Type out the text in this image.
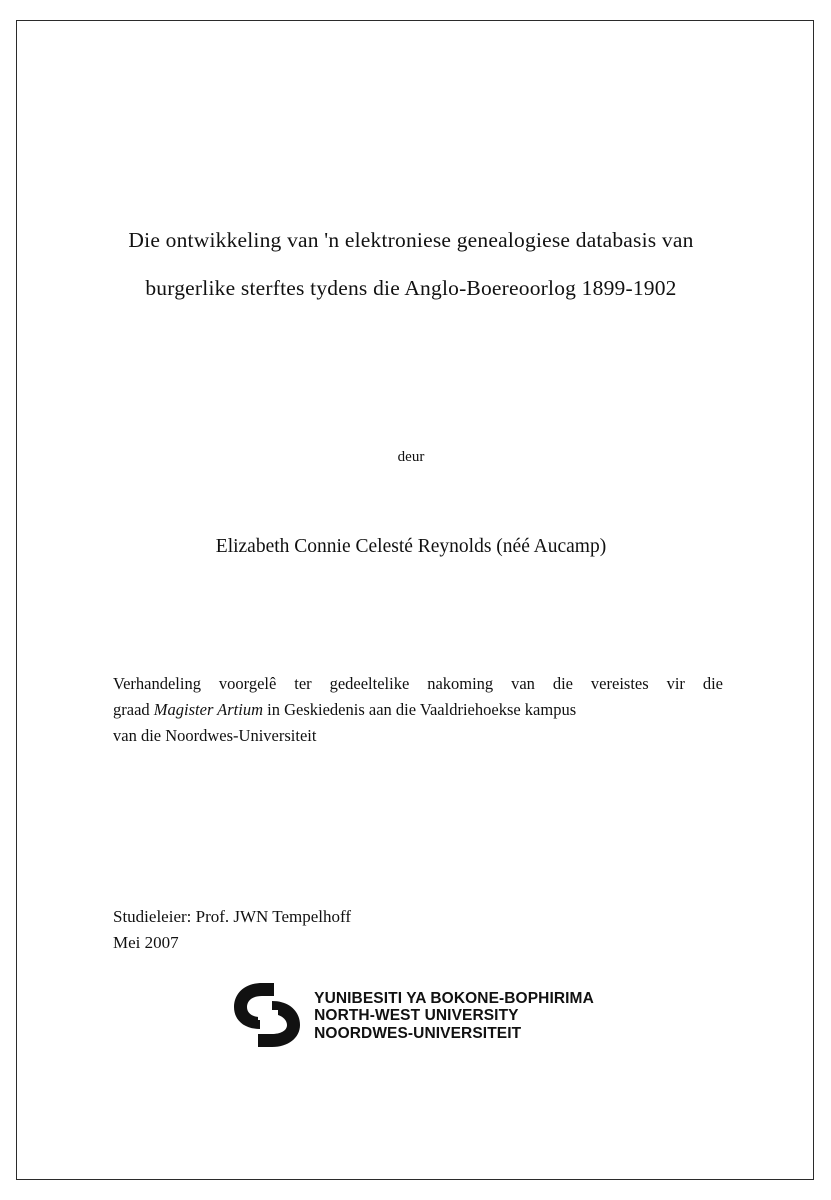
Die ontwikkeling van 'n elektroniese genealogiese databasis van
burgerlike sterftes tydens die Anglo-Boereoorlog 1899-1902
deur
Elizabeth Connie Celesté Reynolds (néé Aucamp)

Verhandeling voorgelê ter gedeeltelike nakoming van die vereistes vir die

graad Magister Artium in Geskiedenis aan die Vaaldriehoekse kampus

van die Noordwes-Universiteit

Studieleier: Prof. JWN Tempelhoff
Mei 2007
YUNIBESITI YA BOKONE-BOPHIRIMA
NORTH-WEST UNIVERSITY
NOORDWES-UNIVERSITEIT
